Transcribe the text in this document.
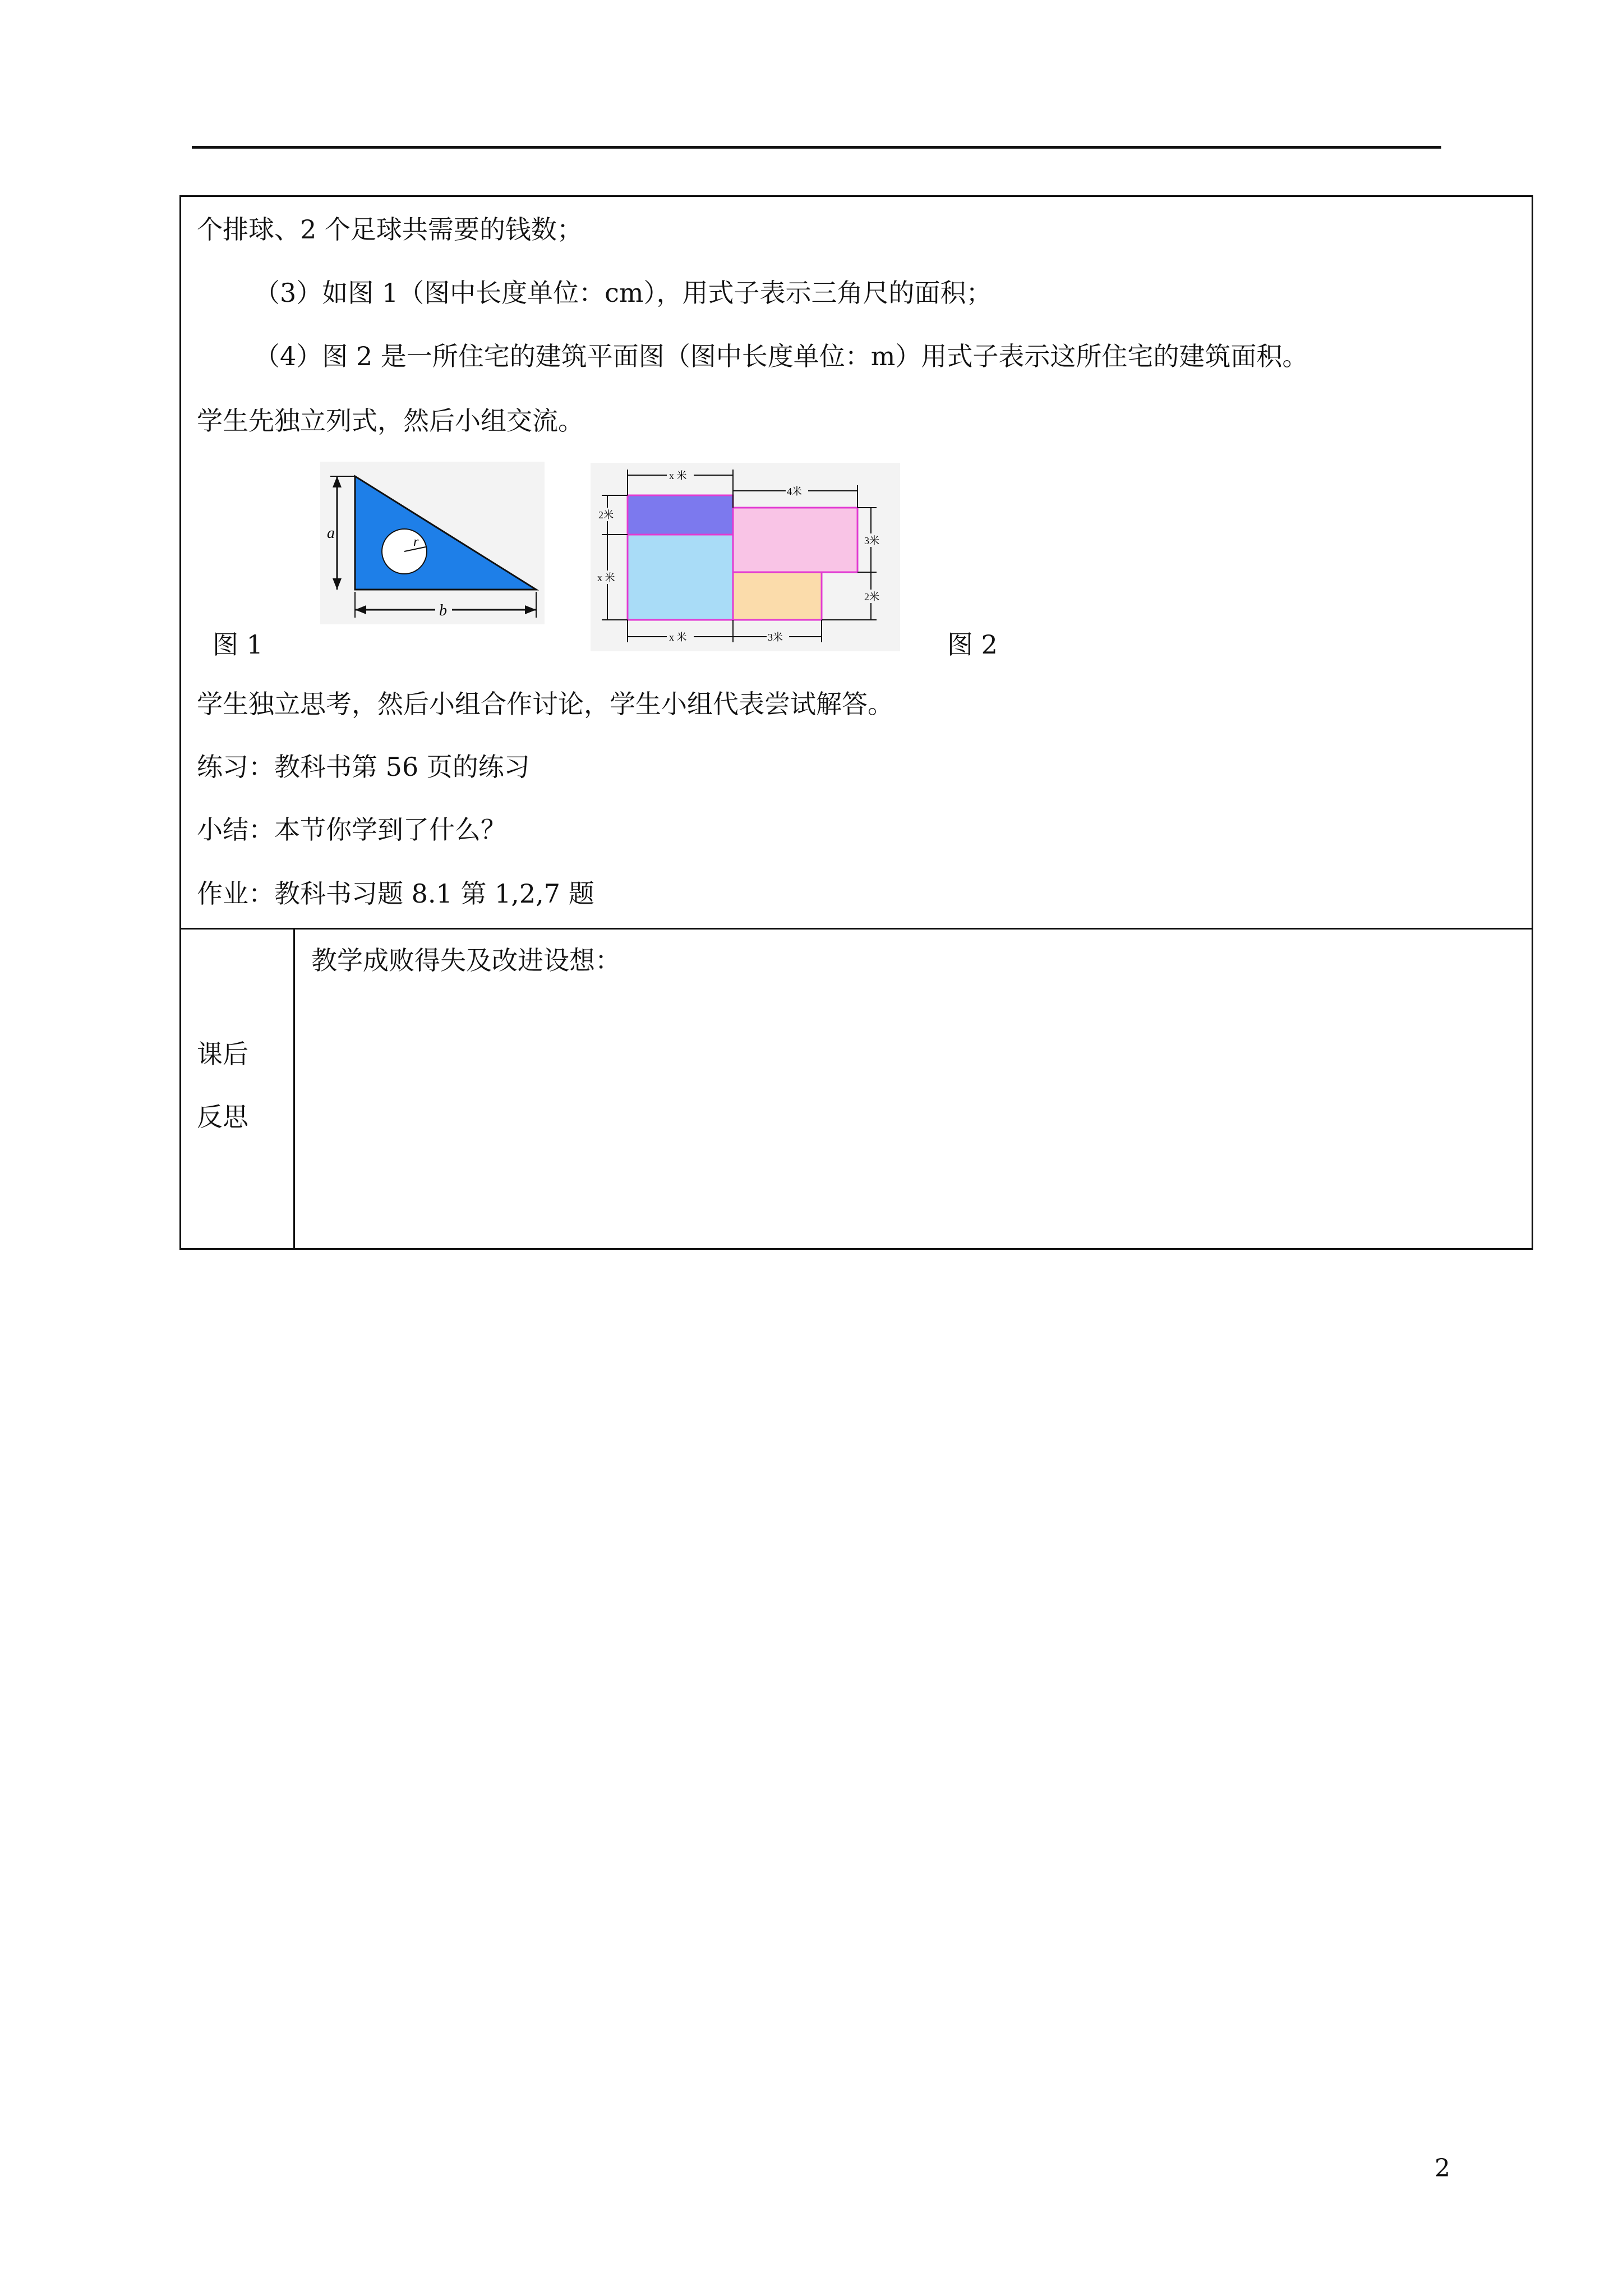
个排球、2 个足球共需要的钱数；
（3）如图 1（图中长度单位：cm），用式子表示三角尺的面积；
（4）图 2 是一所住宅的建筑平面图（图中长度单位：m）用式子表示这所住宅的建筑面积。
学生先独立列式，然后小组交流。
r
a
b
x 米
4米
2米
x 米
3米
2米
x 米	3米
图 1	图 2
学生独立思考，然后小组合作讨论，学生小组代表尝试解答。
练习：教科书第 56 页的练习
小结：本节你学到了什么？
作业：教科书习题 8.1 第 1,2,7 题
课后
反思
教学成败得失及改进设想：
2
